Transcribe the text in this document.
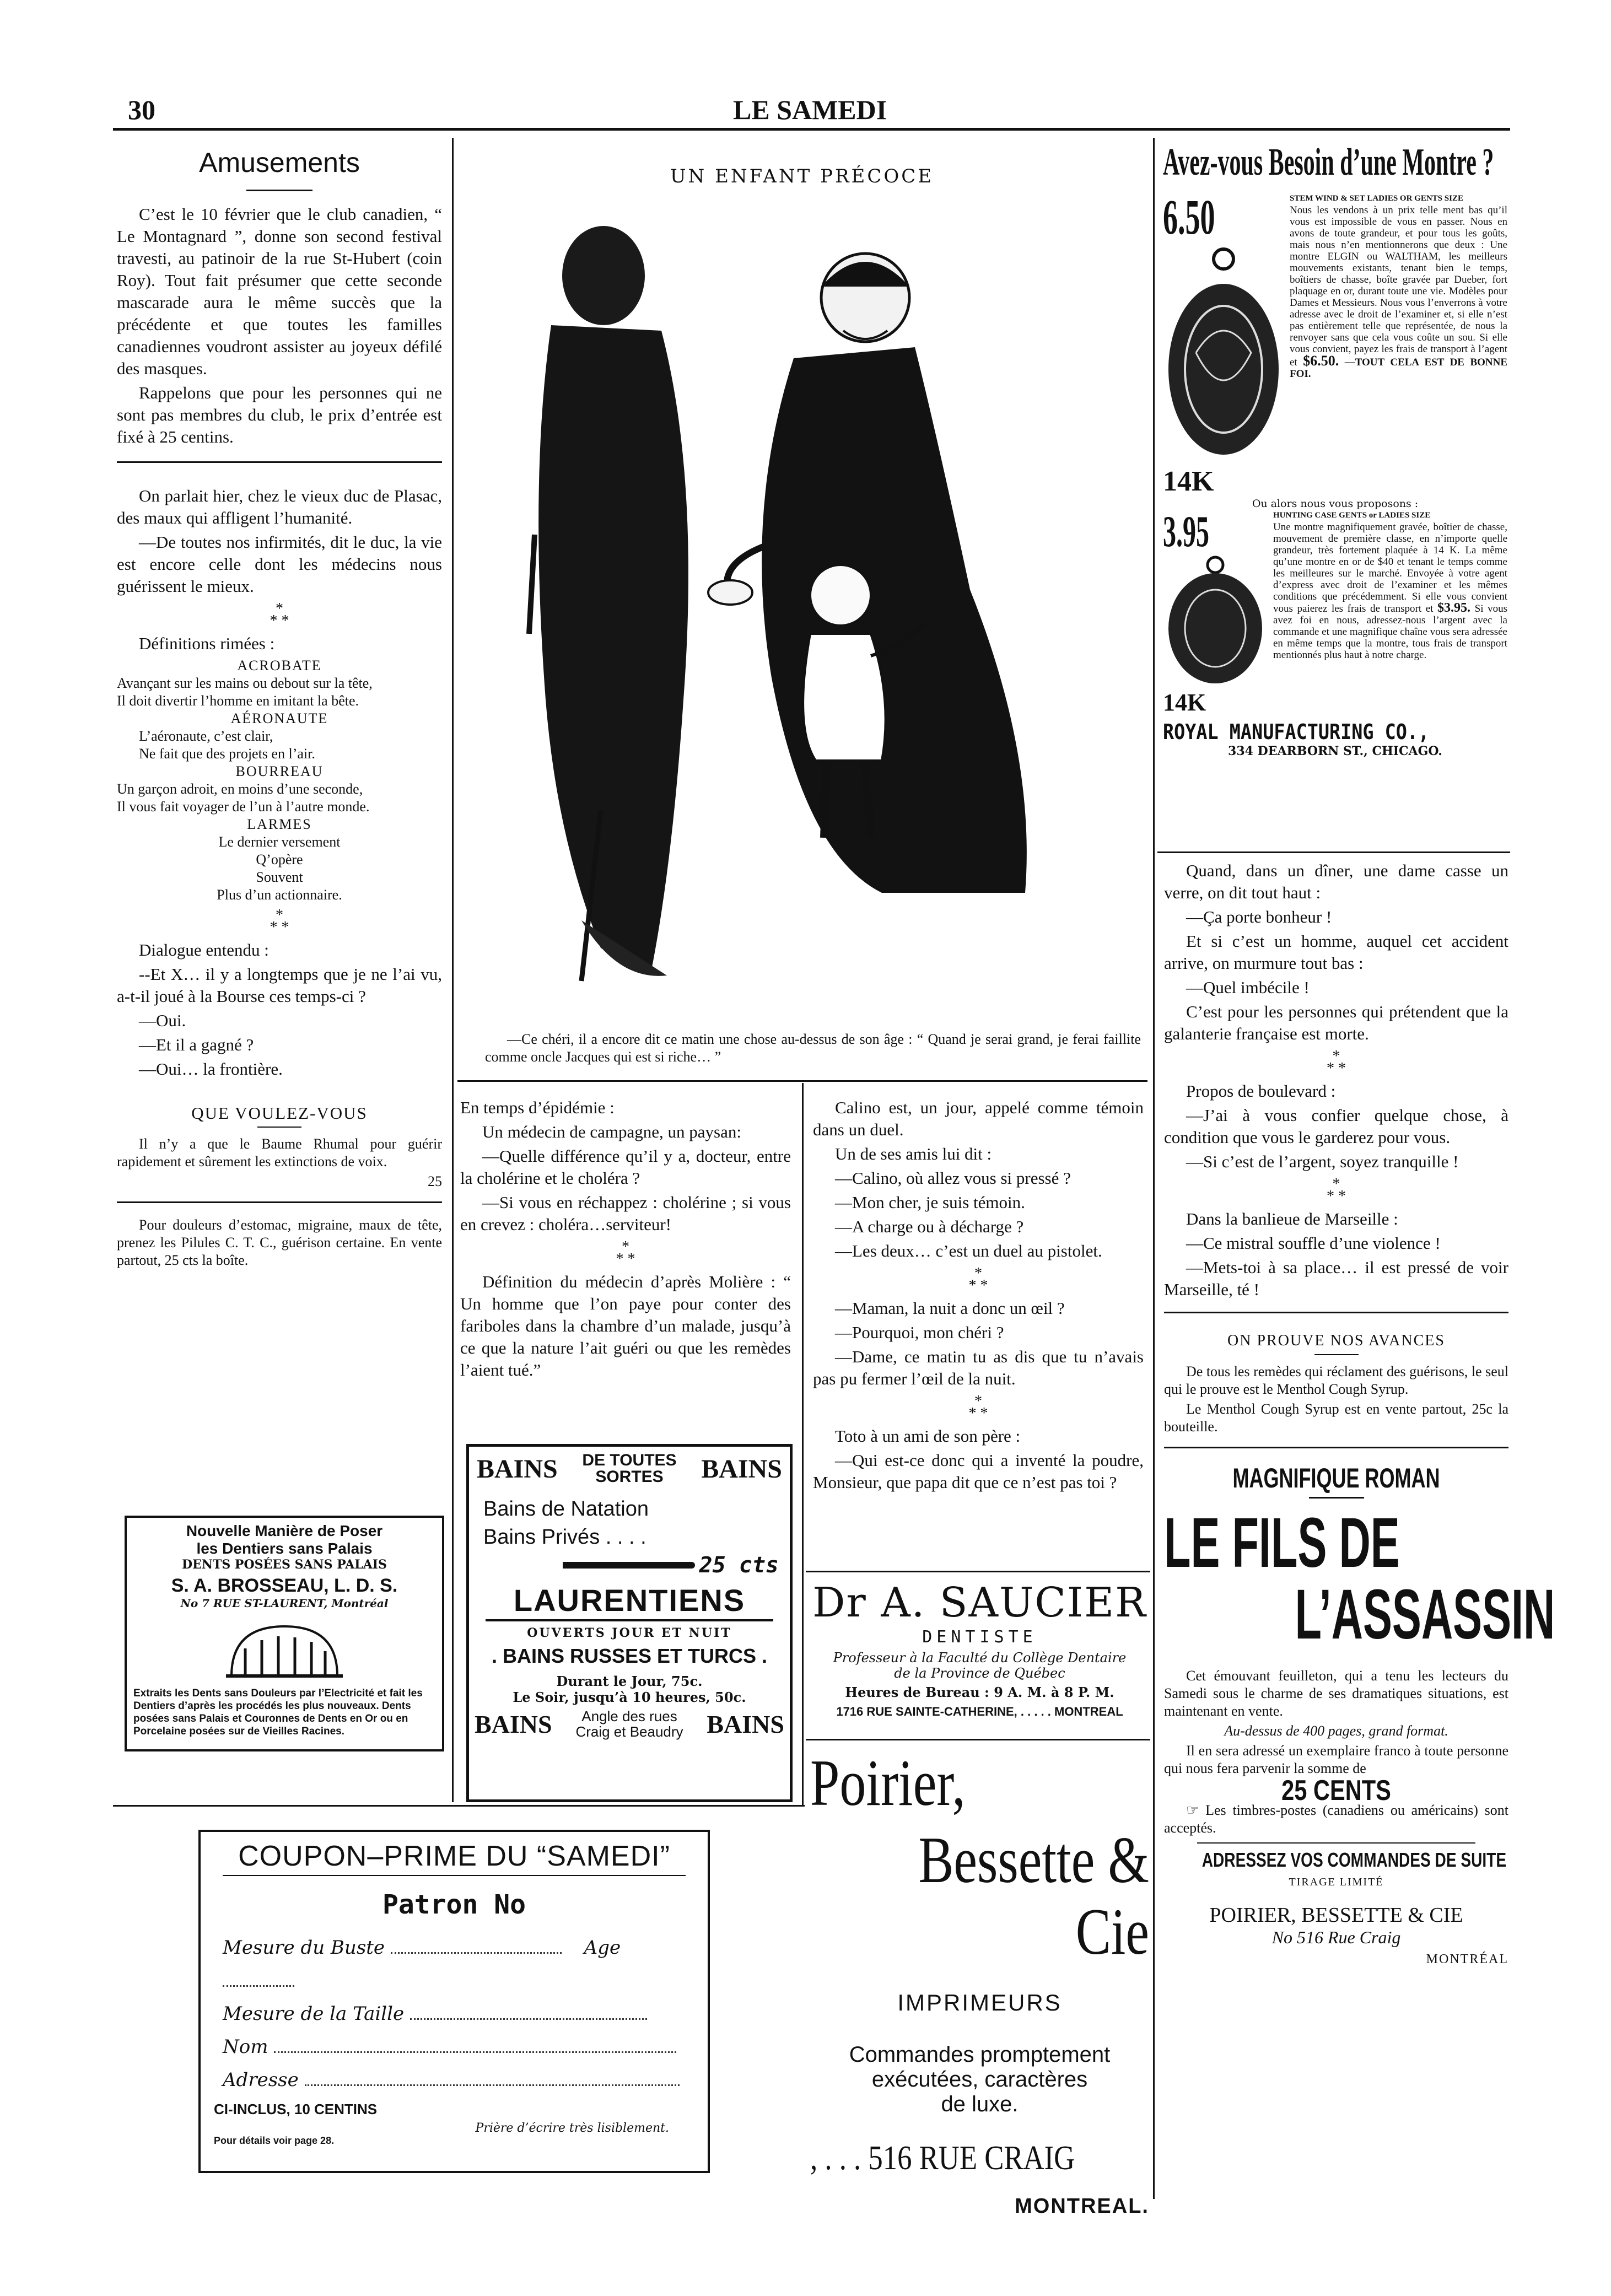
30	LE SAMEDI
Amusements

C’est le 10 février que le club canadien, “ Le Montagnard ”, donne son second festival travesti, au patinoir de la rue St-Hubert (coin Roy). Tout fait présumer que cette seconde mascarade aura le même succès que la précédente et que toutes les familles canadiennes voudront assister au joyeux défilé des masques.

Rappelons que pour les personnes qui ne sont pas membres du club, le prix d’entrée est fixé à 25 centins.

On parlait hier, chez le vieux duc de Plasac, des maux qui affligent l’humanité.

—De toutes nos infirmités, dit le duc, la vie est encore celle dont les médecins nous guérissent le mieux.

*
* *

Définitions rimées :

ACROBATE
Avançant sur les mains ou debout sur la tête,
Il doit divertir l’homme en imitant la bête.
AÉRONAUTE
L’aéronaute, c’est clair,
Ne fait que des projets en l’air.
BOURREAU
Un garçon adroit, en moins d’une seconde,
Il vous fait voyager de l’un à l’autre monde.
LARMES
Le dernier versement
Q’opère
Souvent
Plus d’un actionnaire.
*
* *

Dialogue entendu :

--Et X… il y a longtemps que je ne l’ai vu, a-t-il joué à la Bourse ces temps-ci ?

—Oui.

—Et il a gagné ?

—Oui… la frontière.

QUE VOULEZ-VOUS

Il n’y a que le Baume Rhumal pour guérir rapidement et sûrement les extinctions de voix.

25

Pour douleurs d’estomac, migraine, maux de tête, prenez les Pilules C. T. C., guérison certaine. En vente partout, 25 cts la boîte.

Nouvelle Manière de Poser
les Dentiers sans Palais
DENTS POSÉES SANS PALAIS
S. A. BROSSEAU, L. D. S.
No 7 RUE ST-LAURENT, Montréal
Extraits les Dents sans Douleurs par l’Electricité et fait les Dentiers d’après les procédés les plus nouveaux. Dents posées sans Palais et Couronnes de Dents en Or ou en Porcelaine posées sur de Vieilles Racines.
UN ENFANT PRÉCOCE
—Ce chéri, il a encore dit ce matin une chose au-dessus de son âge : “ Quand je serai grand, je ferai faillite comme oncle Jacques qui est si riche… ”

En temps d’épidémie :

Un médecin de campagne, un paysan:

—Quelle différence qu’il y a, docteur, entre la cholérine et le choléra ?

—Si vous en réchappez : cholérine ; si vous en crevez : choléra…serviteur!

*
* *

Définition du médecin d’après Molière : “ Un homme que l’on paye pour conter des fariboles dans la chambre d’un malade, jusqu’à ce que la nature l’ait guéri ou que les remèdes l’aient tué.”

BAINS DE TOUTES
SORTES	BAINS
Bains de Natation
Bains Privés . . . .
25 cts
LAURENTIENS
OUVERTS JOUR ET NUIT
. BAINS RUSSES ET TURCS .
Durant le Jour, 75c.
Le Soir, jusqu’à 10 heures, 50c.
BAINS	Angle des rues
Craig et Beaudry BAINS

Calino est, un jour, appelé comme témoin dans un duel.

Un de ses amis lui dit :

—Calino, où allez vous si pressé ?

—Mon cher, je suis témoin.

—A charge ou à décharge ?

—Les deux… c’est un duel au pistolet.

*
* *

—Maman, la nuit a donc un œil ?

—Pourquoi, mon chéri ?

—Dame, ce matin tu as dis que tu n’avais pas pu fermer l’œil de la nuit.

*
* *

Toto à un ami de son père :

—Qui est-ce donc qui a inventé la poudre, Monsieur, que papa dit que ce n’est pas toi ?

Dr A. SAUCIER
DENTISTE
Professeur à la Faculté du Collège Dentaire
de la Province de Québec
Heures de Bureau : 9 A. M. à 8 P. M.
1716 RUE SAINTE-CATHERINE, . . . . . MONTREAL
Poirier,
Bessette & Cie
IMPRIMEURS
Commandes promptement
exécutées, caractères
de luxe.
, . . . 516 RUE CRAIG
MONTREAL.
COUPON–PRIME DU “SAMEDI”
Patron No
Mesure du Buste	Age
Mesure de la Taille
Nom
Adresse
CI-INCLUS, 10 CENTINS
Prière d’écrire très lisiblement.
Pour détails voir page 28.
Avez-vous Besoin d’une Montre ?
6.50
14K
STEM WIND & SET LADIES OR GENTS SIZE
Nous les vendons à un prix telle ment bas qu’il vous est impossible de vous en passer. Nous en avons de toute grandeur, et pour tous les goûts, mais nous n’en mentionnerons que deux : Une montre ELGIN ou WALTHAM, les meilleurs mouvements existants, tenant bien le temps, boîtiers de chasse, boîte gravée par Dueber, fort plaquage en or, durant toute une vie. Modèles pour Dames et Messieurs. Nous vous l’enverrons à votre adresse avec le droit de l’examiner et, si elle n’est pas entièrement telle que représentée, de nous la renvoyer sans que cela vous coûte un sou. Si elle vous convient, payez les frais de transport à l’agent et $6.50. —TOUT CELA EST DE BONNE FOI.
Ou alors nous vous proposons :
3.95
14K
HUNTING CASE GENTS or LADIES SIZE
Une montre magnifiquement gravée, boîtier de chasse, mouvement de première classe, en n’importe quelle grandeur, très fortement plaquée à 14 K. La même qu’une montre en or de $40 et tenant le temps comme les meilleures sur le marché. Envoyée à votre agent d’express avec droit de l’examiner et les mêmes conditions que précédemment. Si elle vous convient vous paierez les frais de transport et $3.95. Si vous avez foi en nous, adressez-nous l’argent avec la commande et une magnifique chaîne vous sera adressée en même temps que la montre, tous frais de transport mentionnés plus haut à notre charge.
ROYAL MANUFACTURING CO.,
334 DEARBORN ST., CHICAGO.

Quand, dans un dîner, une dame casse un verre, on dit tout haut :

—Ça porte bonheur !

Et si c’est un homme, auquel cet accident arrive, on murmure tout bas :

—Quel imbécile !

C’est pour les personnes qui prétendent que la galanterie française est morte.

*
* *

Propos de boulevard :

—J’ai à vous confier quelque chose, à condition que vous le garderez pour vous.

—Si c’est de l’argent, soyez tranquille !

*
* *

Dans la banlieue de Marseille :

—Ce mistral souffle d’une violence !

—Mets-toi à sa place… il est pressé de voir Marseille, té !

ON PROUVE NOS AVANCES

De tous les remèdes qui réclament des guérisons, le seul qui le prouve est le Menthol Cough Syrup.

Le Menthol Cough Syrup est en vente partout, 25c la bouteille.

MAGNIFIQUE ROMAN
LE FILS DE
L’ASSASSIN

Cet émouvant feuilleton, qui a tenu les lecteurs du Samedi sous le charme de ses dramatiques situations, est maintenant en vente.

Au-dessus de 400 pages, grand format.

Il en sera adressé un exemplaire franco à toute personne qui nous fera parvenir la somme de

25 CENTS

☞ Les timbres-postes (canadiens ou américains) sont acceptés.

ADRESSEZ VOS COMMANDES DE SUITE
TIRAGE LIMITÉ
POIRIER, BESSETTE & CIE
No 516 Rue Craig
MONTRÉAL
